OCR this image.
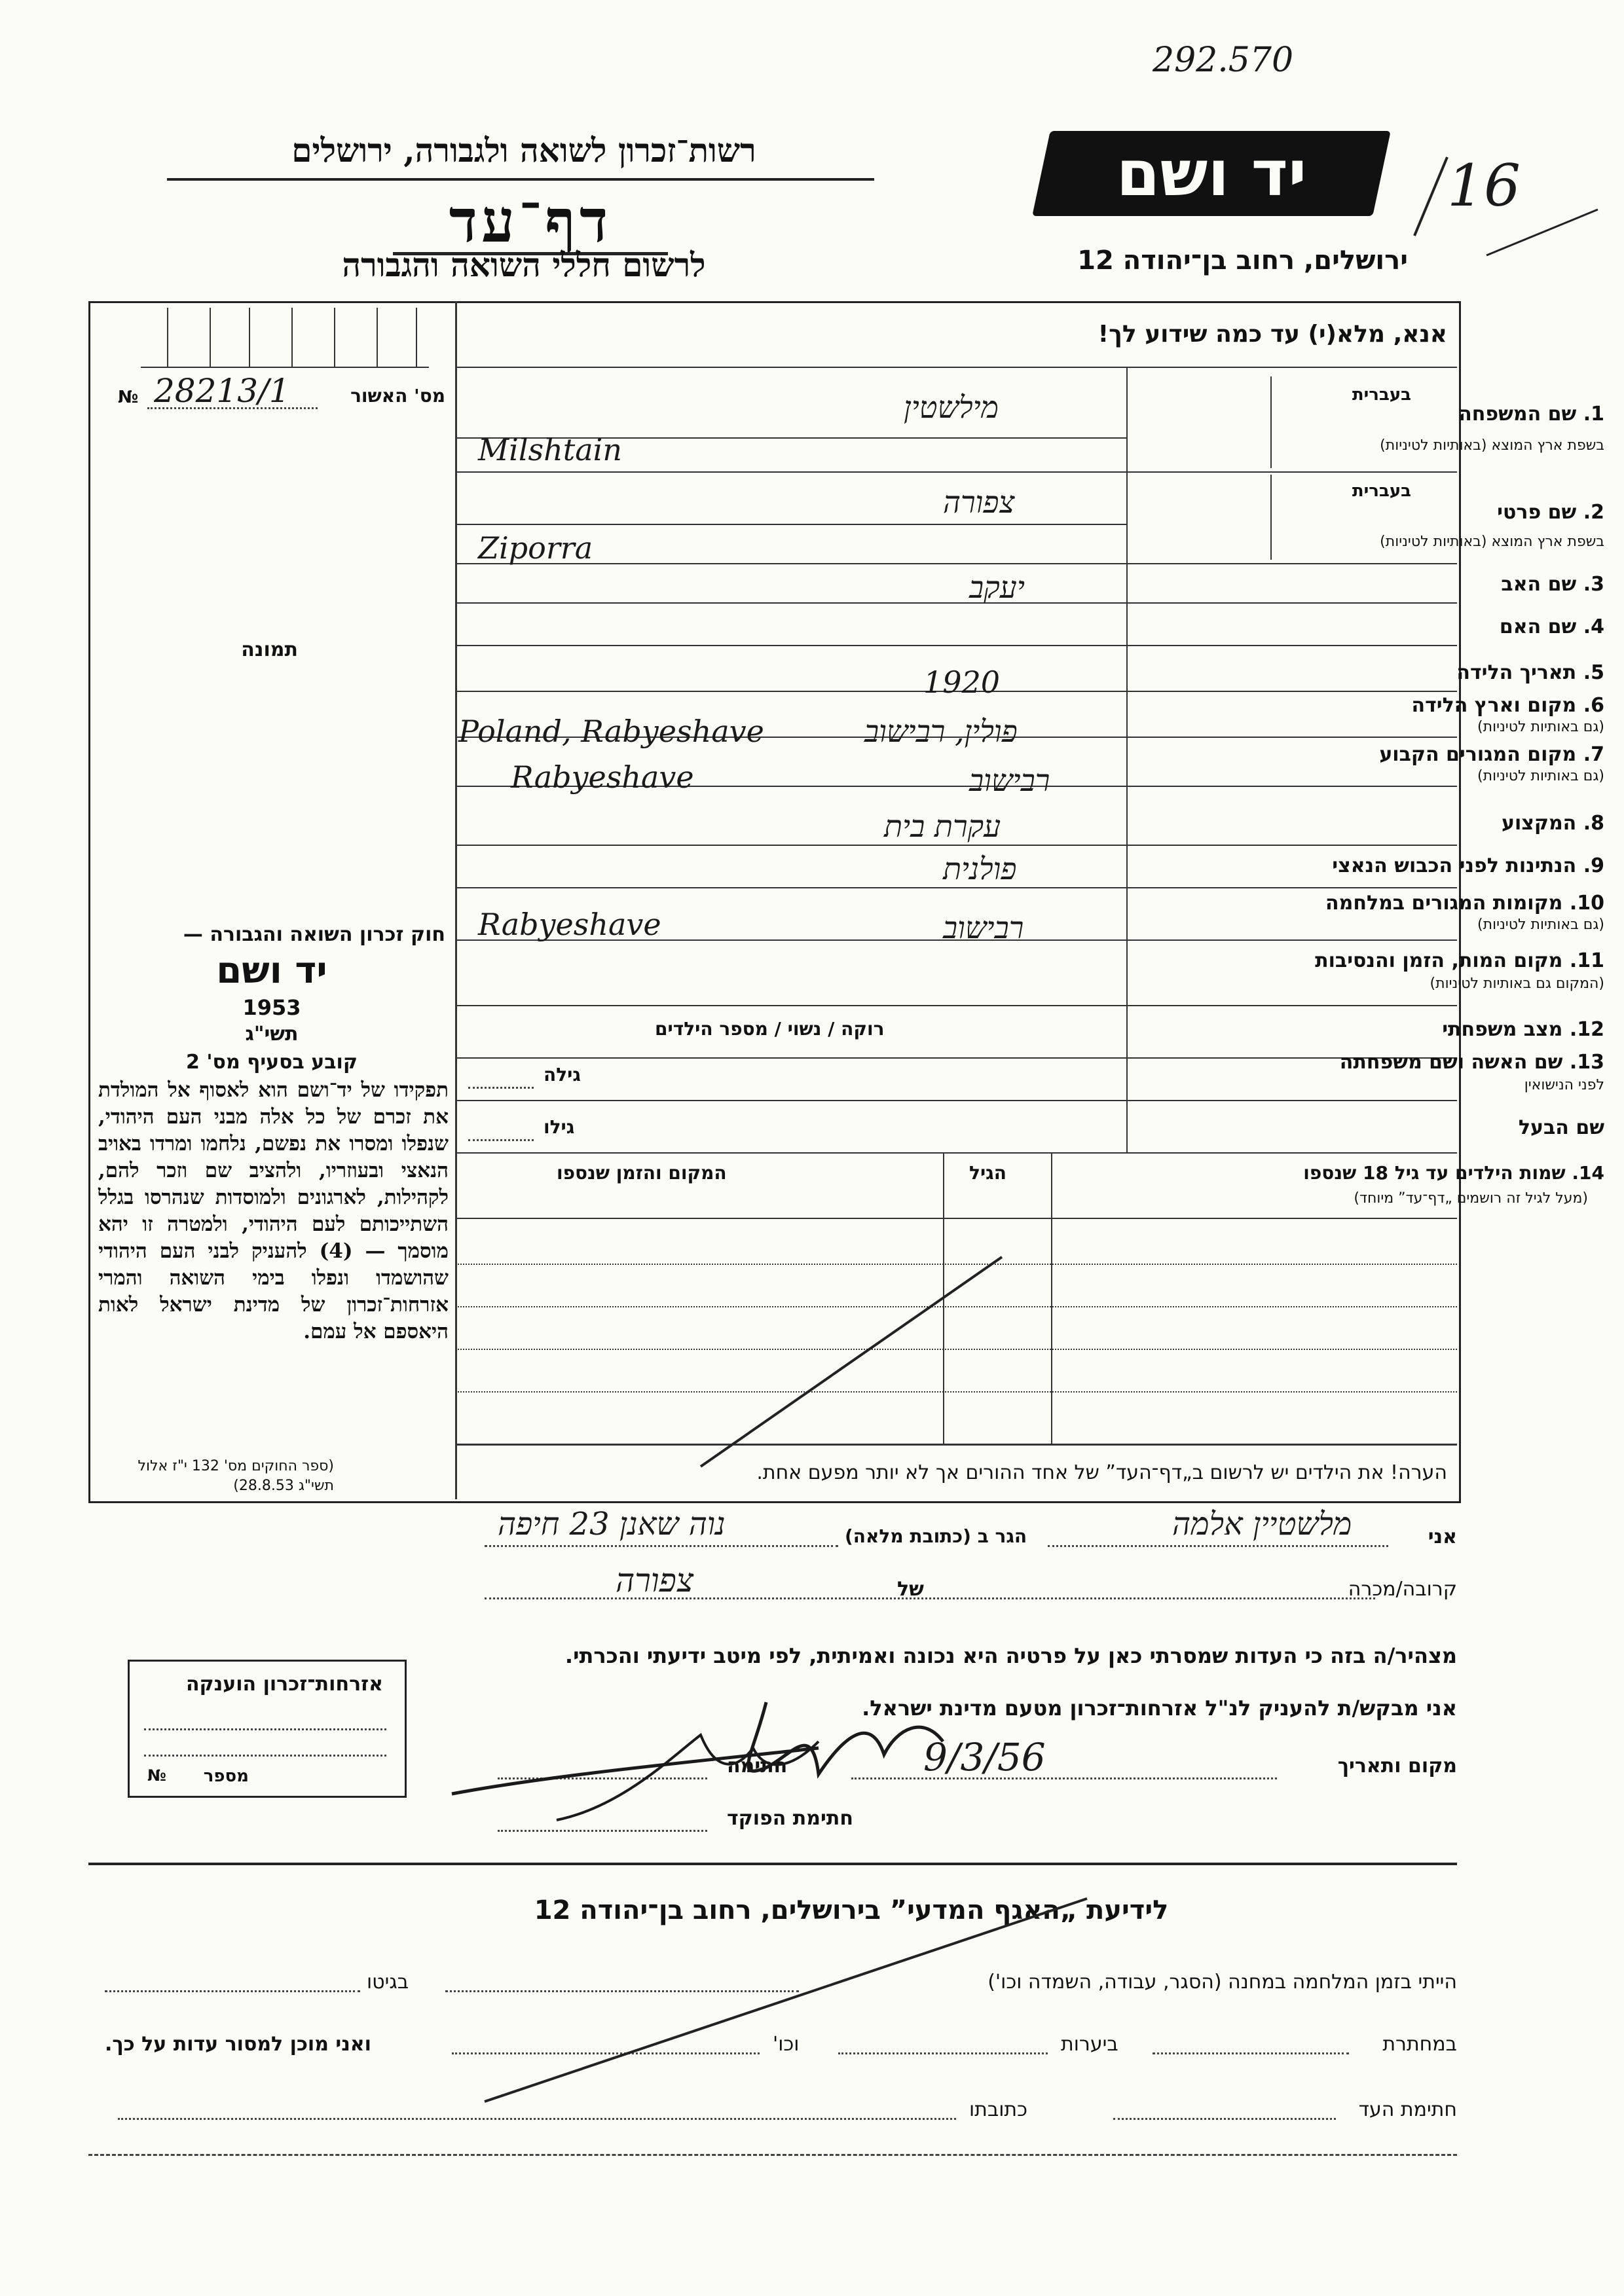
292.570
16
רשות־זכרון לשואה ולגבורה, ירושלים
דף־עד
לרשום חללי השואה והגבורה
יד ושם
ירושלים, רחוב בן־יהודה 12
אנא, מלא(י) עד כמה שידוע לך!
№ 28213/1	מס' האשור
תמונה
1. שם המשפחה
בעברית
בשפת ארץ המוצא (באותיות לטיניות)
מילשטין
Milshtain
2. שם פרטי
בעברית
בשפת ארץ המוצא (באותיות לטיניות)
צפורה
Ziporra
3. שם האב
יעקב
4. שם האם
5. תאריך הלידה
1920
6. מקום וארץ הלידה
(גם באותיות לטיניות)
Poland, Rabyeshave	פולין, רבישוב
7. מקום המגורים הקבוע
(גם באותיות לטיניות)
Rabyeshave	רבישוב
8. המקצוע
עקרת בית
9. הנתינות לפני הכבוש הנאצי
פולנית
10. מקומות המגורים במלחמה
(גם באותיות לטיניות)
Rabyeshave	רבישוב
11. מקום המות, הזמן והנסיבות
(המקום גם באותיות לטיניות)
12. מצב משפחתי
רוקה / נשוי / מספר הילדים
13. שם האשה ושם משפחתה
לפני הנישואין
גילה
שם הבעל
גילו
14. שמות הילדים עד גיל 18 שנספו
(מעל לגיל זה רושמים „דף־עד” מיוחד)
הגיל
המקום והזמן שנספו
הערה! את הילדים יש לרשום ב„דף־העד” של אחד ההורים אך לא יותר מפעם אחת.
חוק זכרון השואה והגבורה —
יד ושם
1953
תשי"ג
קובע בסעיף מס' 2
תפקידו של יד־ושם הוא לאסוף אל המולדת את זכרם של כל אלה מבני העם היהודי, שנפלו ומסרו את נפשם, נלחמו ומרדו באויב הנאצי ובעוזריו, ולהציב שם וזכר להם, לקהילות, לארגונים ולמוסדות שנהרסו בגלל השתייכותם לעם היהודי, ולמטרה זו יהא מוסמך — (4) להעניק לבני העם היהודי שהושמדו ונפלו בימי השואה והמרי אזרחות־זכרון של מדינת ישראל לאות היאספם אל עמם.
(ספר החוקים מס' 132 י"ז אלול תשי"ג 28.8.53)
אני
מלשטיין אלמה
הגר ב (כתובת מלאה)
נוה שאנן 23 חיפה
קרובה/מכרה
של
צפורה
מצהיר/ה בזה כי העדות שמסרתי כאן על פרטיה היא נכונה ואמיתית, לפי מיטב ידיעתי והכרתי.
אני מבקש/ת להעניק לנ"ל אזרחות־זכרון מטעם מדינת ישראל.
מקום ותאריך
9/3/56
חתימה
חתימת הפוקד
אזרחות־זכרון הוענקה
№ מספר
לידיעת „האגף המדעי” בירושלים, רחוב בן־יהודה 12
הייתי בזמן המלחמה במחנה (הסגר, עבודה, השמדה וכו')
בגיטו
במחתרת
ביערות
וכו'
ואני מוכן למסור עדות על כך.
חתימת העד
כתובתו
